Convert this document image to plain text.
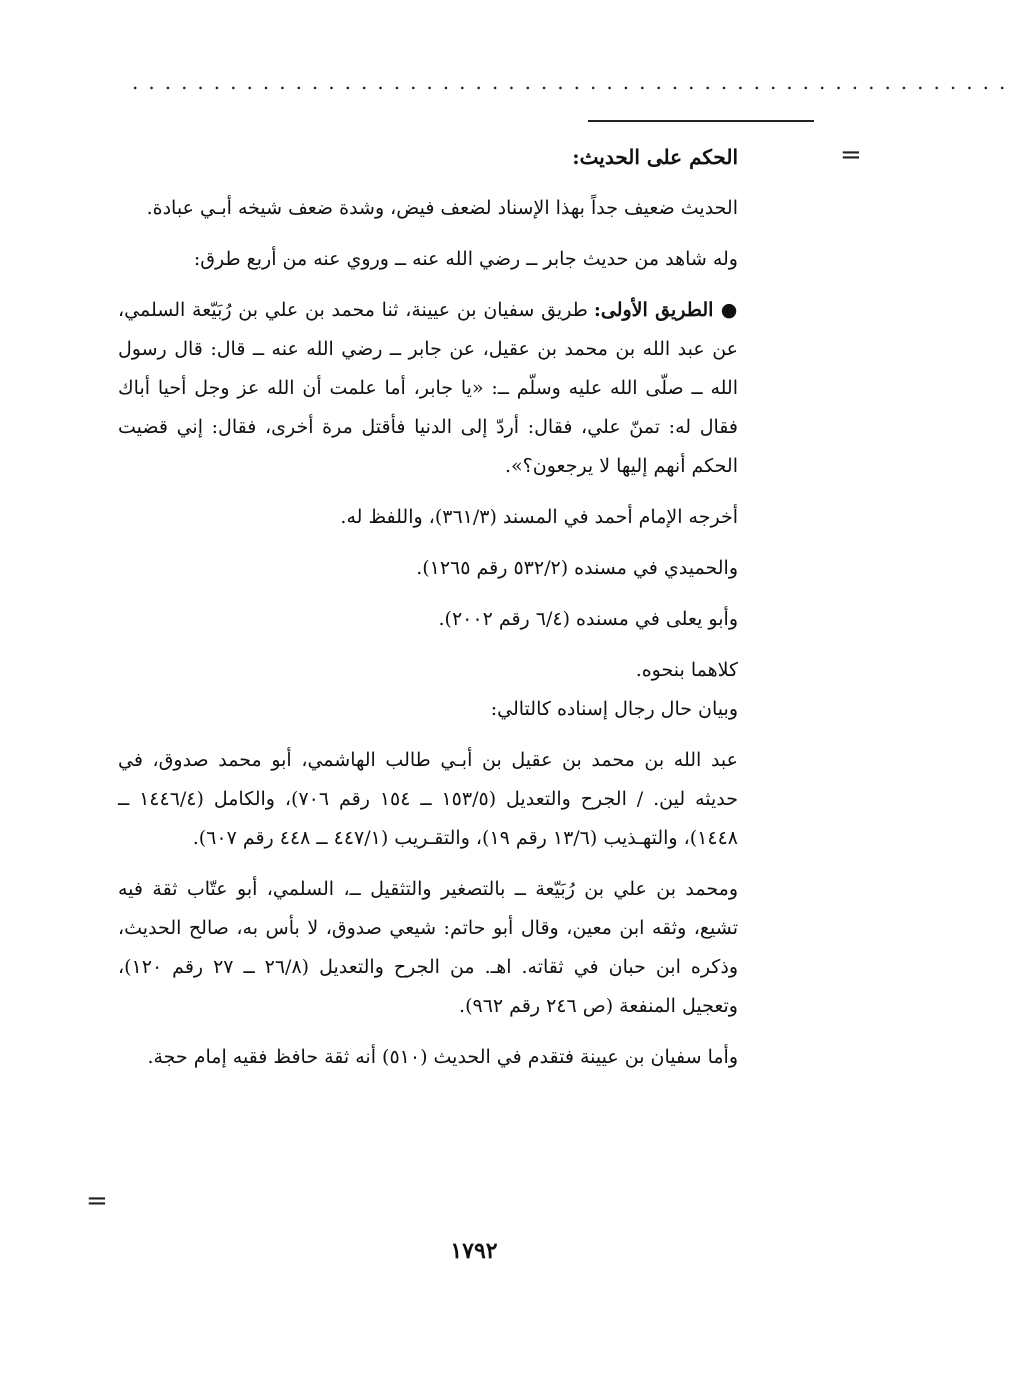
......................................................
=
=

الحكم على الحديث:

الحديث ضعيف جداً بهذا الإسناد لضعف فيض، وشدة ضعف شيخه أبـي عبادة.

وله شاهد من حديث جابر ــ رضي الله عنه ــ وروي عنه من أربع طرق:

● الطريق الأولى: طريق سفيان بن عيينة، ثنا محمد بن علي بن رُبَيّعة السلمي، عن عبد الله بن محمد بن عقيل، عن جابر ــ رضي الله عنه ــ قال: قال رسول الله ــ صلّى الله عليه وسلّم ــ: «يا جابر، أما علمت أن الله عز وجل أحيا أباك فقال له: تمنّ علي، فقال: أردّ إلى الدنيا فأقتل مرة أخرى، فقال: إني قضيت الحكم أنهم إليها لا يرجعون؟».

أخرجه الإمام أحمد في المسند (٣٦١/٣)، واللفظ له.

والحميدي في مسنده (٥٣٢/٢ رقم ١٢٦٥).

وأبو يعلى في مسنده (٦/٤ رقم ٢٠٠٢).

كلاهما بنحوه.

وبيان حال رجال إسناده كالتالي:

عبد الله بن محمد بن عقيل بن أبـي طالب الهاشمي، أبو محمد صدوق، في حديثه لين. / الجرح والتعديل (١٥٣/٥ ــ ١٥٤ رقم ٧٠٦)، والكامل (١٤٤٦/٤ ــ ١٤٤٨)، والتهـذيب (١٣/٦ رقم ١٩)، والتقـريب (٤٤٧/١ ــ ٤٤٨ رقم ٦٠٧).

ومحمد بن علي بن رُبَيّعة ــ بالتصغير والتثقيل ــ، السلمي، أبو عتّاب ثقة فيه تشيع، وثقه ابن معين، وقال أبو حاتم: شيعي صدوق، لا بأس به، صالح الحديث، وذكره ابن حبان في ثقاته. اهـ. من الجرح والتعديل (٢٦/٨ ــ ٢٧ رقم ١٢٠)، وتعجيل المنفعة (ص ٢٤٦ رقم ٩٦٢).

وأما سفيان بن عيينة فتقدم في الحديث (٥١٠) أنه ثقة حافظ فقيه إمام حجة.

١٧٩٢
